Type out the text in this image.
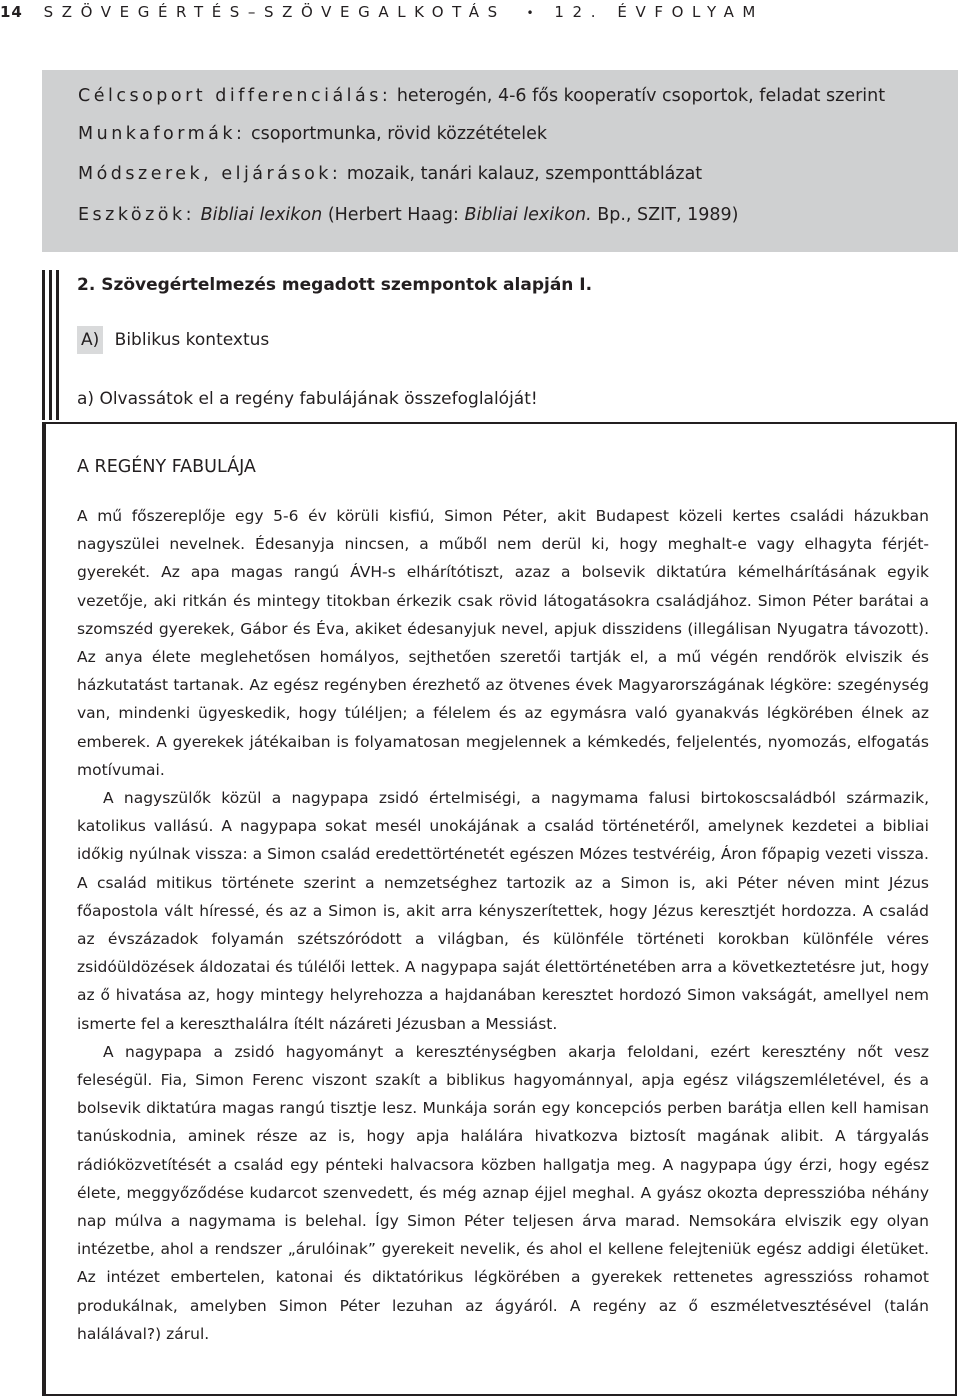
14 SZÖVEGÉRTÉS–SZÖVEGALKOTÁS • 12. ÉVFOLYAM
Célcsoport differenciálás: heterogén, 4-6 fős kooperatív csoportok, feladat szerint
Munkaformák: csoportmunka, rövid közzétételek
Módszerek, eljárások: mozaik, tanári kalauz, szemponttáblázat
Eszközök: Bibliai lexikon (Herbert Haag: Bibliai lexikon. Bp., SZIT, 1989)
2. Szövegértelmezés megadott szempontok alapján I.
A) Biblikus kontextus
a) Olvassátok el a regény fabulájának összefoglalóját!
A REGÉNY FABULÁJA

A mű főszereplője egy 5-6 év körüli kisfiú, Simon Péter, akit Budapest közeli kertes családi házukban nagyszülei nevelnek. Édesanyja nincsen, a műből nem derül ki, hogy meghalt-e vagy elhagyta férjét-gyerekét. Az apa magas rangú ÁVH-s elhárítótiszt, azaz a bolsevik diktatúra kémelhárításának egyik vezetője, aki ritkán és mintegy titokban érkezik csak rövid látogatásokra családjához. Simon Péter barátai a szomszéd gyerekek, Gábor és Éva, akiket édesanyjuk nevel, apjuk disszidens (illegálisan Nyugatra távozott). Az anya élete meglehetősen homályos, sejthetően szeretői tartják el, a mű végén rendőrök elviszik és házkutatást tartanak. Az egész regényben érezhető az ötvenes évek Magyarországának légköre: szegénység van, mindenki ügyeskedik, hogy túléljen; a félelem és az egymásra való gyanakvás légkörében élnek az emberek. A gyerekek játékaiban is folyamatosan megjelennek a kémkedés, feljelentés, nyomozás, elfogatás motívumai.

A nagyszülők közül a nagypapa zsidó értelmiségi, a nagymama falusi birtokoscsaládból származik, katolikus vallású. A nagypapa sokat mesél unokájának a család történetéről, amelynek kezdetei a bibliai időkig nyúlnak vissza: a Simon család eredettörténetét egészen Mózes testvéréig, Áron főpapig vezeti vissza. A család mitikus története szerint a nemzetséghez tartozik az a Simon is, aki Péter néven mint Jézus főapostola vált híressé, és az a Simon is, akit arra kényszerítettek, hogy Jézus keresztjét hordozza. A család az évszázadok folyamán szétszóródott a világban, és különféle történeti korokban különféle véres zsidóüldözések áldozatai és túlélői lettek. A nagypapa saját élettörténetében arra a következtetésre jut, hogy az ő hivatása az, hogy mintegy helyrehozza a hajdanában keresztet hordozó Simon vakságát, amellyel nem ismerte fel a kereszthalálra ítélt názáreti Jézusban a Messiást.

A nagypapa a zsidó hagyományt a kereszténységben akarja feloldani, ezért keresztény nőt vesz feleségül. Fia, Simon Ferenc viszont szakít a biblikus hagyománnyal, apja egész világszemléletével, és a bolsevik diktatúra magas rangú tisztje lesz. Munkája során egy koncepciós perben barátja ellen kell hamisan tanúskodnia, aminek része az is, hogy apja halálára hivatkozva biztosít magának alibit. A tárgyalás rádióközvetítését a család egy pénteki halvacsora közben hallgatja meg. A nagypapa úgy érzi, hogy egész élete, meggyőződése kudarcot szenvedett, és még aznap éjjel meghal. A gyász okozta depresszióba néhány nap múlva a nagymama is belehal. Így Simon Péter teljesen árva marad. Nemsokára elviszik egy olyan intézetbe, ahol a rendszer „árulóinak” gyerekeit nevelik, és ahol el kellene felejteniük egész addigi életüket. Az intézet embertelen, katonai és diktatórikus légkörében a gyerekek rettenetes agresszióss rohamot produkálnak, amelyben Simon Péter lezuhan az ágyáról. A regény az ő eszméletvesztésével (talán halálával?) zárul.
